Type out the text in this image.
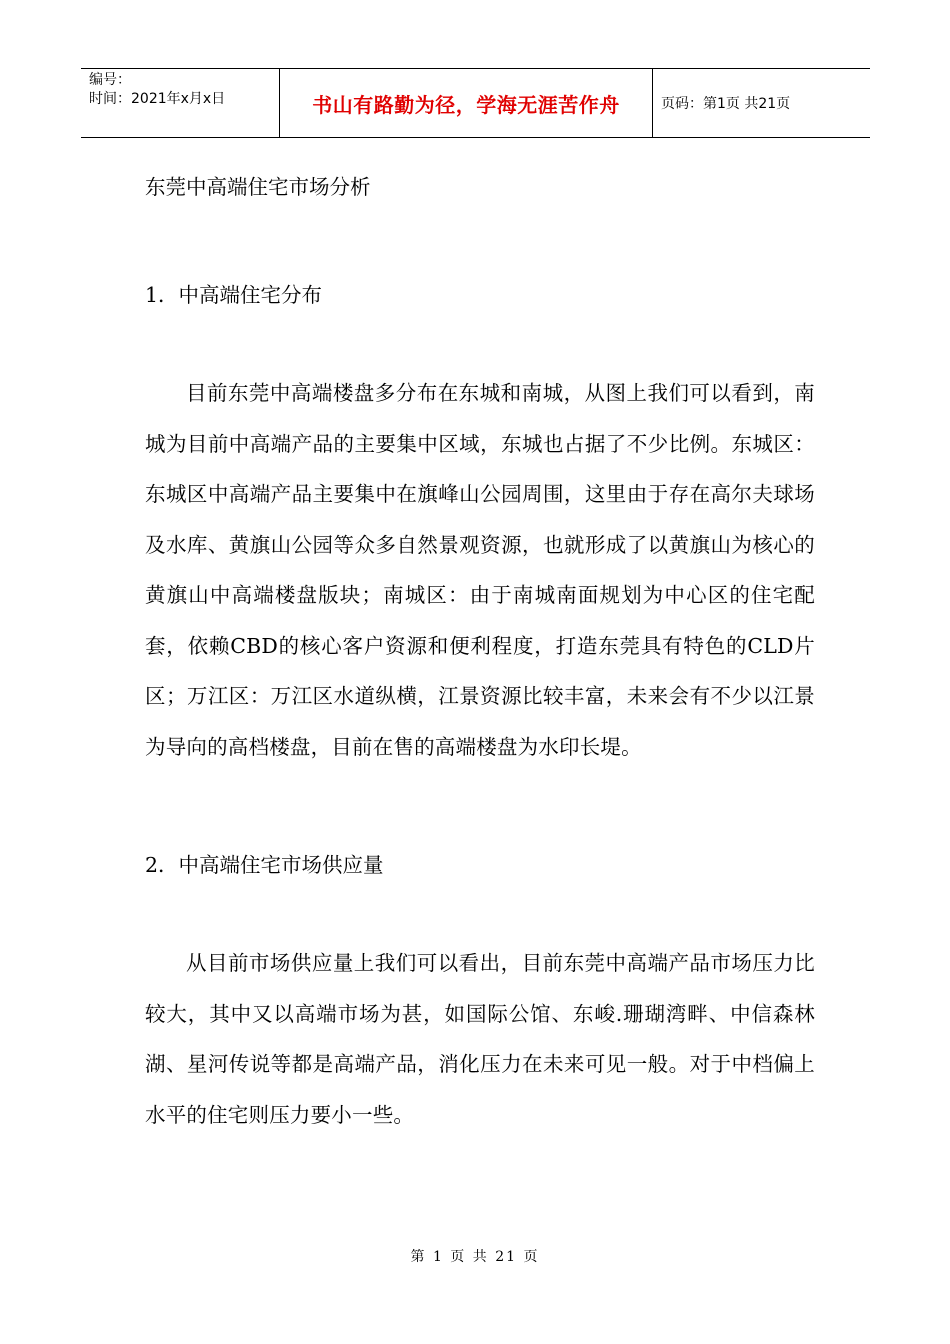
编号：
时间：2021年x月x日	书山有路勤为径，学海无涯苦作舟	页码：第1页 共21页
东莞中高端住宅市场分析
1．中高端住宅分布
目前东莞中高端楼盘多分布在东城和南城，从图上我们可以看到，南城为目前中高端产品的主要集中区域，东城也占据了不少比例。东城区：东城区中高端产品主要集中在旗峰山公园周围，这里由于存在高尔夫球场及水库、黄旗山公园等众多自然景观资源，也就形成了以黄旗山为核心的黄旗山中高端楼盘版块；南城区：由于南城南面规划为中心区的住宅配套，依赖CBD的核心客户资源和便利程度，打造东莞具有特色的CLD片区；万江区：万江区水道纵横，江景资源比较丰富，未来会有不少以江景为导向的高档楼盘，目前在售的高端楼盘为水印长堤。
2．中高端住宅市场供应量
从目前市场供应量上我们可以看出，目前东莞中高端产品市场压力比较大，其中又以高端市场为甚，如国际公馆、东峻.珊瑚湾畔、中信森林湖、星河传说等都是高端产品，消化压力在未来可见一般。对于中档偏上水平的住宅则压力要小一些。
第 1 页 共 21 页
